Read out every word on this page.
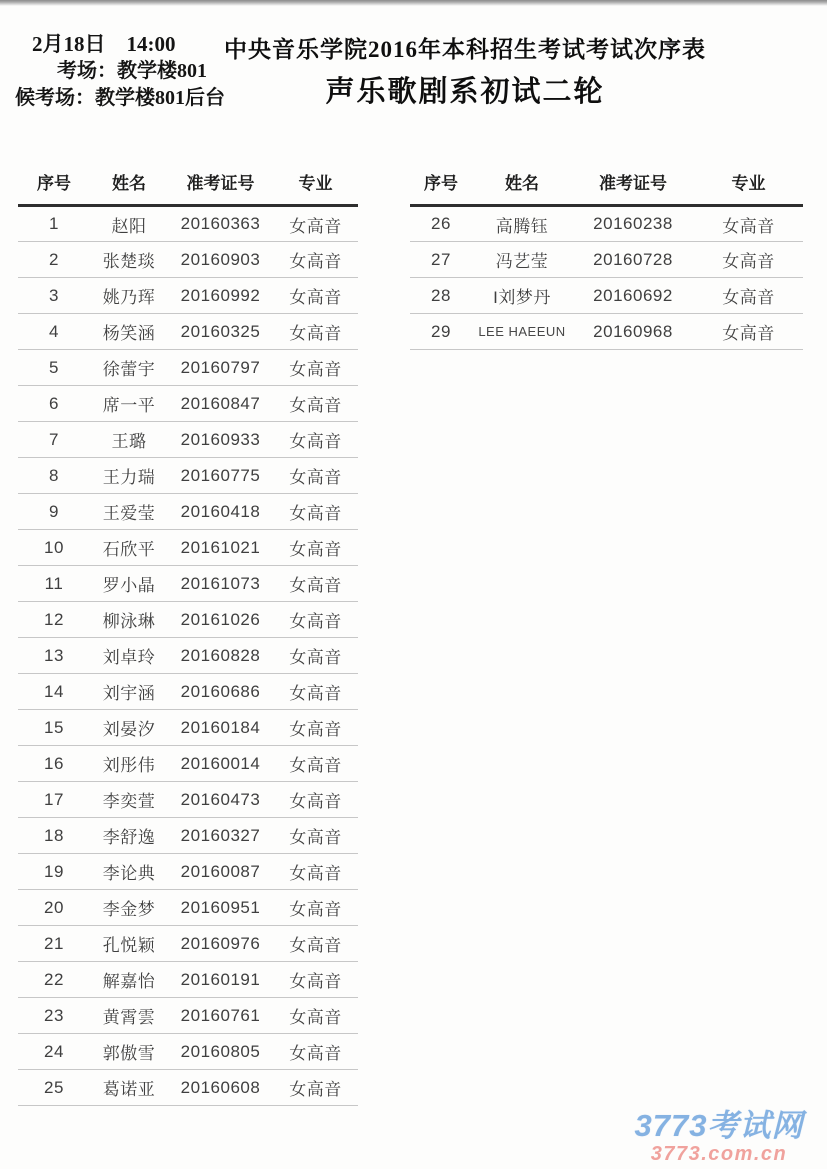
2月18日　14:00
考场：教学楼801
候考场：教学楼801后台
中央音乐学院2016年本科招生考试考试次序表
声乐歌剧系初试二轮
序号	姓名	准考证号	专业
1	赵阳	20160363	女高音
2	张楚琰	20160903	女高音
3	姚乃珲	20160992	女高音
4	杨笑涵	20160325	女高音
5	徐蕾宇	20160797	女高音
6	席一平	20160847	女高音
7	王璐	20160933	女高音
8	王力瑞	20160775	女高音
9	王爱莹	20160418	女高音
10	石欣平	20161021	女高音
11	罗小晶	20161073	女高音
12	柳泳琳	20161026	女高音
13	刘卓玲	20160828	女高音
14	刘宇涵	20160686	女高音
15	刘晏汐	20160184	女高音
16	刘彤伟	20160014	女高音
17	李奕萱	20160473	女高音
18	李舒逸	20160327	女高音
19	李论典	20160087	女高音
20	李金梦	20160951	女高音
21	孔悦颖	20160976	女高音
22	解嘉怡	20160191	女高音
23	黄霄雲	20160761	女高音
24	郭傲雪	20160805	女高音
25	葛诺亚	20160608	女高音
序号	姓名	准考证号	专业
26	高腾钰	20160238	女高音
27	冯艺莹	20160728	女高音
28	I刘梦丹	20160692	女高音
29	LEE HAEEUN	20160968	女高音
3773考试网
3773.com.cn
